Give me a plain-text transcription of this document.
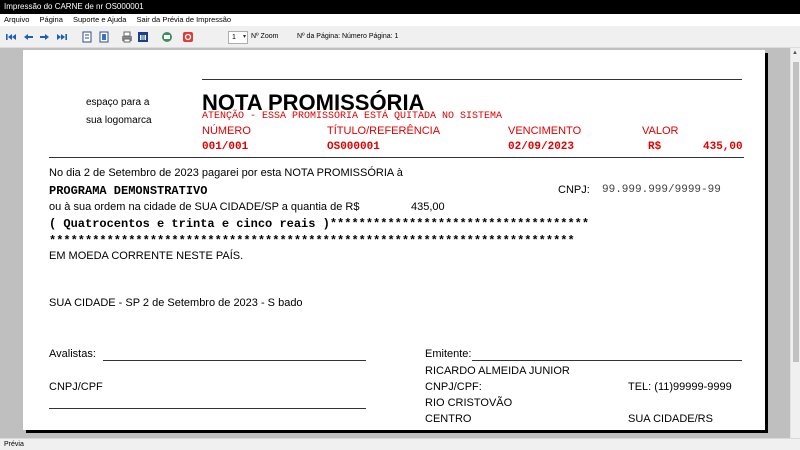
Impressão do CARNE de nr OS000001
Arquivo Página Suporte e Ajuda Sair da Prévia de Impressão
1 ▾ Nº Zoom	Nº da Página: Número Página: 1
espaço para a
sua logomarca
NOTA PROMISSÓRIA
ATENÇÃO - ESSA PROMISSÓRIA ESTÁ QUITADA NO SISTEMA
NÚMERO	TÍTULO/REFERÊNCIA	VENCIMENTO	VALOR
001/001	OS000001	02/09/2023	R$	435,00
No dia 2 de Setembro de 2023 pagarei por esta NOTA PROMISSÓRIA à
PROGRAMA DEMONSTRATIVO	CNPJ: 99.999.999/9999-99
ou à sua ordem na cidade de SUA CIDADE/SP a quantia de R$	435,00
( Quatrocentos e trinta e cinco reais )************************************
*************************************************************************
EM MOEDA CORRENTE NESTE PAÍS.
SUA CIDADE - SP 2 de Setembro de 2023 - S bado
Avalistas:
CNPJ/CPF
Emitente:
RICARDO ALMEIDA JUNIOR
CNPJ/CPF:	TEL: (11)99999-9999
RIO CRISTOVÃO
CENTRO	SUA CIDADE/RS
▲
Prévia
